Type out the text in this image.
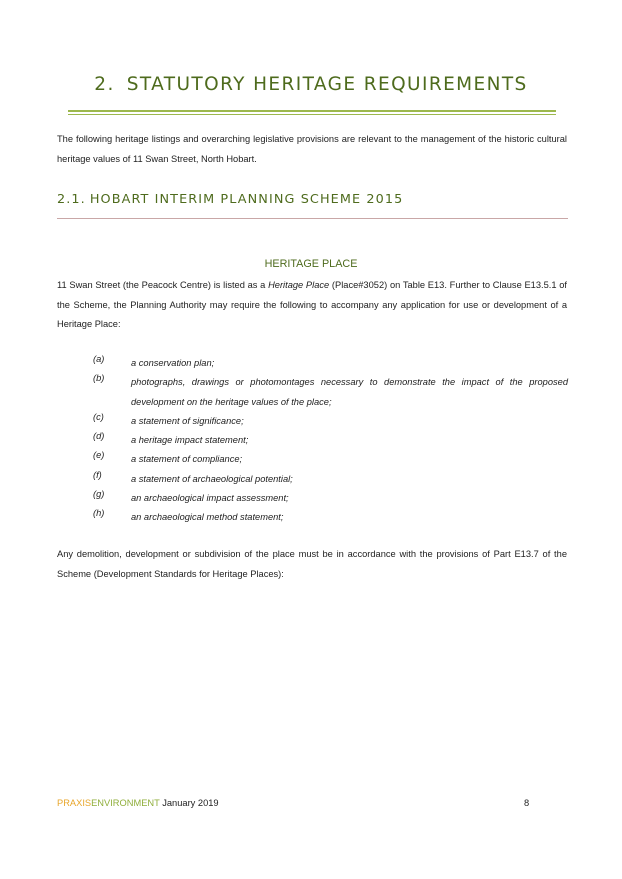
2. STATUTORY HERITAGE REQUIREMENTS
The following heritage listings and overarching legislative provisions are relevant to the management of the historic cultural heritage values of 11 Swan Street, North Hobart.
2.1. HOBART INTERIM PLANNING SCHEME 2015
HERITAGE PLACE
11 Swan Street (the Peacock Centre) is listed as a Heritage Place (Place#3052) on Table E13. Further to Clause E13.5.1 of the Scheme, the Planning Authority may require the following to accompany any application for use or development of a Heritage Place:
(a)	a conservation plan;
(b)	photographs, drawings or photomontages necessary to demonstrate the impact of the proposed development on the heritage values of the place;
(c)	a statement of significance;
(d)	a heritage impact statement;
(e)	a statement of compliance;
(f)	a statement of archaeological potential;
(g)	an archaeological impact assessment;
(h)	an archaeological method statement;
Any demolition, development or subdivision of the place must be in accordance with the provisions of Part E13.7 of the Scheme (Development Standards for Heritage Places):
PRAXISENVIRONMENT January 2019	8
